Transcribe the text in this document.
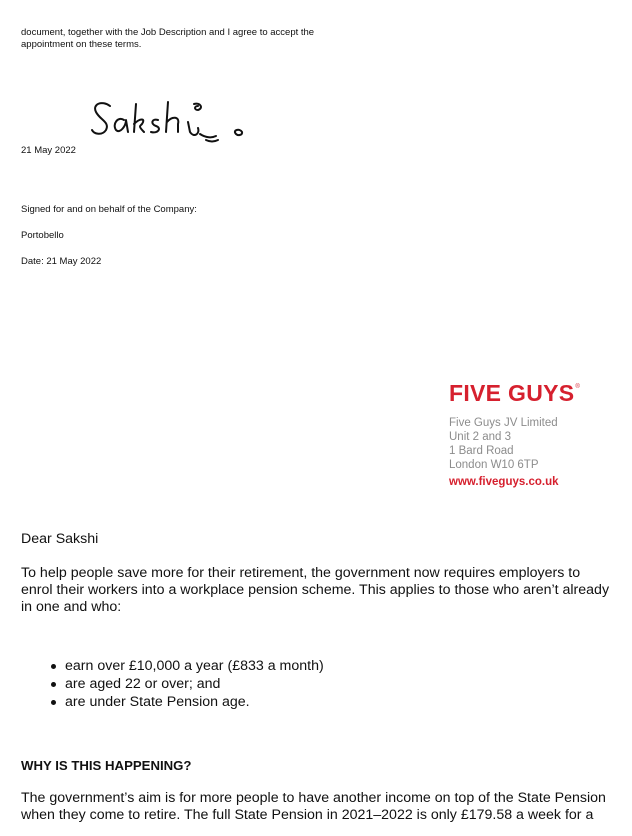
document, together with the Job Description and I agree to accept the appointment on these terms.
21 May 2022
Signed for and on behalf of the Company:
Portobello
Date: 21 May 2022
FIVE GUYS®
Five Guys JV Limited
Unit 2 and 3
1 Bard Road
London W10 6TP
www.fiveguys.co.uk
Dear Sakshi
To help people save more for their retirement, the government now requires employers to enrol their workers into a workplace pension scheme. This applies to those who aren’t already in one and who:
earn over £10,000 a year (£833 a month)
are aged 22 or over; and
are under State Pension age.
WHY IS THIS HAPPENING?
The government’s aim is for more people to have another income on top of the State Pension when they come to retire. The full State Pension in 2021–2022 is only £179.58 a week for a
